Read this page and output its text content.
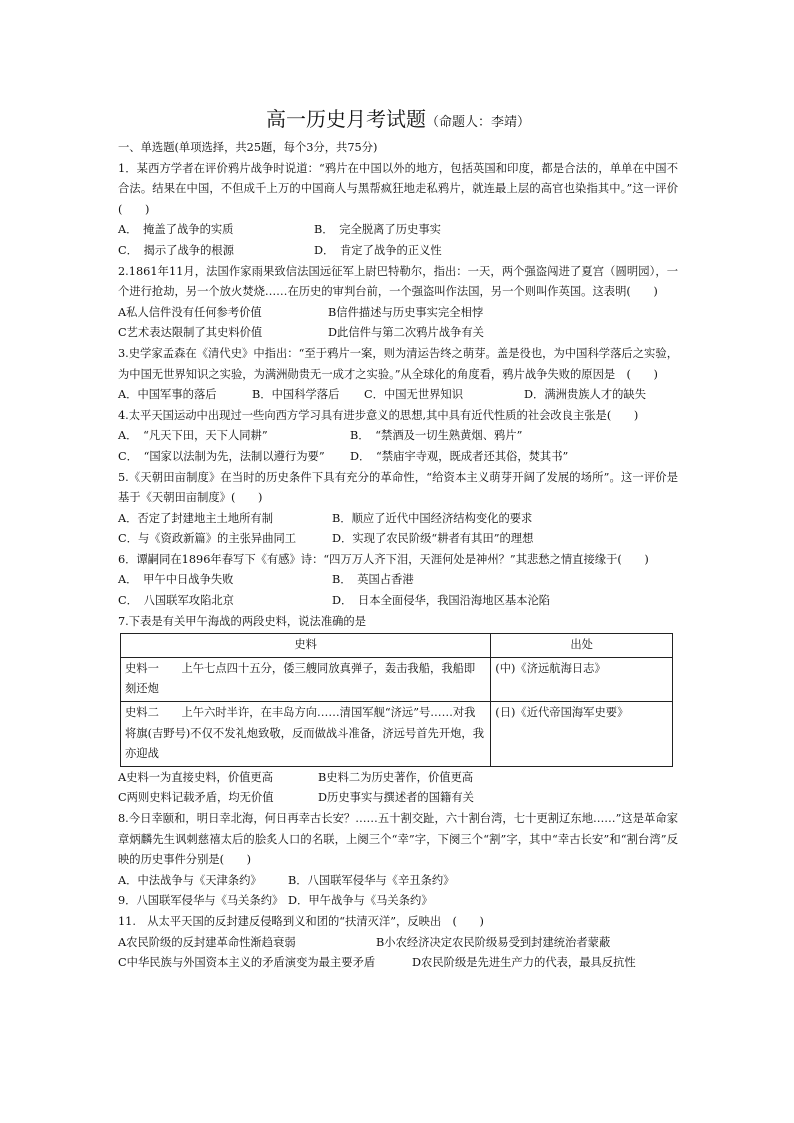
高一历史月考试题（命题人：李靖）
一、单选题(单项选择，共25题，每个3分，共75分)
1．某西方学者在评价鸦片战争时说道：“鸦片在中国以外的地方，包括英国和印度，都是合法的，单单在中国不合法。结果在中国，不但成千上万的中国商人与黑帮疯狂地走私鸦片，就连最上层的高官也染指其中。”这一评价(　　)
A．　掩盖了战争的实质	B．　完全脱离了历史事实
C．　揭示了战争的根源	D．　肯定了战争的正义性
2.1861年11月，法国作家雨果致信法国远征军上尉巴特勒尔，指出：一天，两个强盗闯进了夏宫（圆明园），一个进行抢劫，另一个放火焚烧……在历史的审判台前，一个强盗叫作法国，另一个则叫作英国。这表明(　　)
A私人信件没有任何参考价值	B信件描述与历史事实完全相悖
C艺术表达限制了其史料价值	D此信件与第二次鸦片战争有关
3.史学家孟森在《清代史》中指出：“至于鸦片一案，则为清运告终之萌芽。盖是役也，为中国科学落后之实验，为中国无世界知识之实验，为满洲勋贵无一成才之实验。”从全球化的角度看，鸦片战争失败的原因是　(　　)
A．中国军事的落后	B．中国科学落后 C．中国无世界知识	D．满洲贵族人才的缺失
4.太平天国运动中出现过一些向西方学习具有进步意义的思想,其中具有近代性质的社会改良主张是(　　)
A．　“凡天下田，天下人同耕”	B．　“禁酒及一切生熟黄烟、鸦片”
C．　“国家以法制为先，法制以遵行为要” D．　“禁庙宇寺观，既成者还其俗，焚其书”
5.《天朝田亩制度》在当时的历史条件下具有充分的革命性，“给资本主义萌芽开阔了发展的场所”。这一评价是基于《天朝田亩制度》(　　)
A．否定了封建地主土地所有制	B．顺应了近代中国经济结构变化的要求
C．与《资政新篇》的主张异曲同工	D．实现了农民阶级“耕者有其田”的理想
6．谭嗣同在1896年春写下《有感》诗：“四万万人齐下泪，天涯何处是神州？”其悲愁之情直接缘于(　　)
A．　甲午中日战争失败	B．　英国占香港
C．　八国联军攻陷北京	D．　日本全面侵华，我国沿海地区基本沦陷
7.下表是有关甲午海战的两段史料，说法准确的是
史料	出处
史料一　　上午七点四十五分，倭三艘同放真弹子，轰击我船，我船即刻还炮	(中)《济远航海日志》
史料二　　上午六时半许，在丰岛方向……清国军舰“济远”号……对我将旗(吉野号)不仅不发礼炮致敬，反而做战斗准备，济远号首先开炮，我亦迎战	(日)《近代帝国海军史要》
A史料一为直接史料，价值更高	B史料二为历史著作，价值更高
C两则史料记载矛盾，均无价值	D历史事实与撰述者的国籍有关
8.今日幸颐和，明日幸北海，何日再幸古长安？……五十割交趾，六十割台湾，七十更割辽东地……”这是革命家章炳麟先生讽刺慈禧太后的脍炙人口的名联，上阕三个“幸”字，下阕三个“割”字，其中“幸古长安”和“割台湾”反映的历史事件分别是(　　)
A．中法战争与《天津条约》 B．八国联军侵华与《辛丑条约》
9．八国联军侵华与《马关条约》 D．甲午战争与《马关条约》
11.　从太平天国的反封建反侵略到义和团的“扶清灭洋”，反映出　(　　)
A农民阶级的反封建革命性渐趋衰弱	B小农经济决定农民阶级易受到封建统治者蒙蔽
C中华民族与外国资本主义的矛盾演变为最主要矛盾	D农民阶级是先进生产力的代表，最具反抗性
